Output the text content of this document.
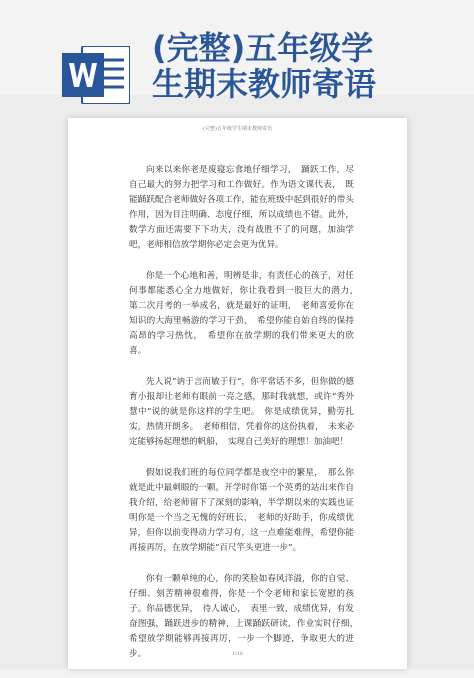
(完整)五年级学
生期末教师寄语
(完整)五年级学生期末教师寄语

向来以来你老是废寝忘食地仔细学习，　踊跃工作，尽自己最大的努力把学习和工作做好。作为语文课代表，　既能踊跃配合老师做好各项工作，能在班级中起到很好的带头作用，因为目注明确、态度仔细，所以成绩也不错。此外，数学方面还需要下下功夫，没有战胜不了的问题，加油学吧，老师相信放学期你必定会更为优异。

你是一个心地和善，明辨是非，有责任心的孩子，对任何事都能悉心全力地做好，你让我看到一股巨大的潜力，　第二次月考的一举成名，就是最好的证明，　老师喜爱你在知识的大海里畅游的学习干劲，　希望你能自始自终的保持高昂的学习热忱，　希望你在放学期的我们带来更大的欣喜。

先人说“讷于言而敏于行”，你平常话不多，但你做的德育小报却让老师有眼前一亮之感，那时我就想，或许“秀外慧中”说的就是你这样的学生吧。　你是成绩优异，勤劳扎实，热情开朗多。　老师相信，凭着你的这份执着，　未来必定能够扬起理想的帆船，　实现自己美好的理想！加油吧！

假如说我们班的每位同学都是夜空中的繁星，　那么你就是此中最刺眼的一颗。开学时你第一个英勇的站出来作自我介绍，给老师留下了深刻的影响，半学期以来的实践也证明你是一个当之无愧的好班长，　老师的好助手，你成绩优异，但你以前变得动力学习有，这一点难能难得，希望你能再接再厉，在放学期能“百尺竿头更进一步”。

你有一颗单纯的心，你的笑脸如春风洋溢，你的自觉、仔细、刻苦精神很难得，你是一个令老师和家长宽慰的孩子。你品德优异，　待人诚心，　表里一致，成绩优异，有发奋图强，踊跃进步的精神，上课踊跃研读，作业实时仔细，　希望放学期能够再接再厉，一步一个脚迹，争取更大的进步。	1/16
